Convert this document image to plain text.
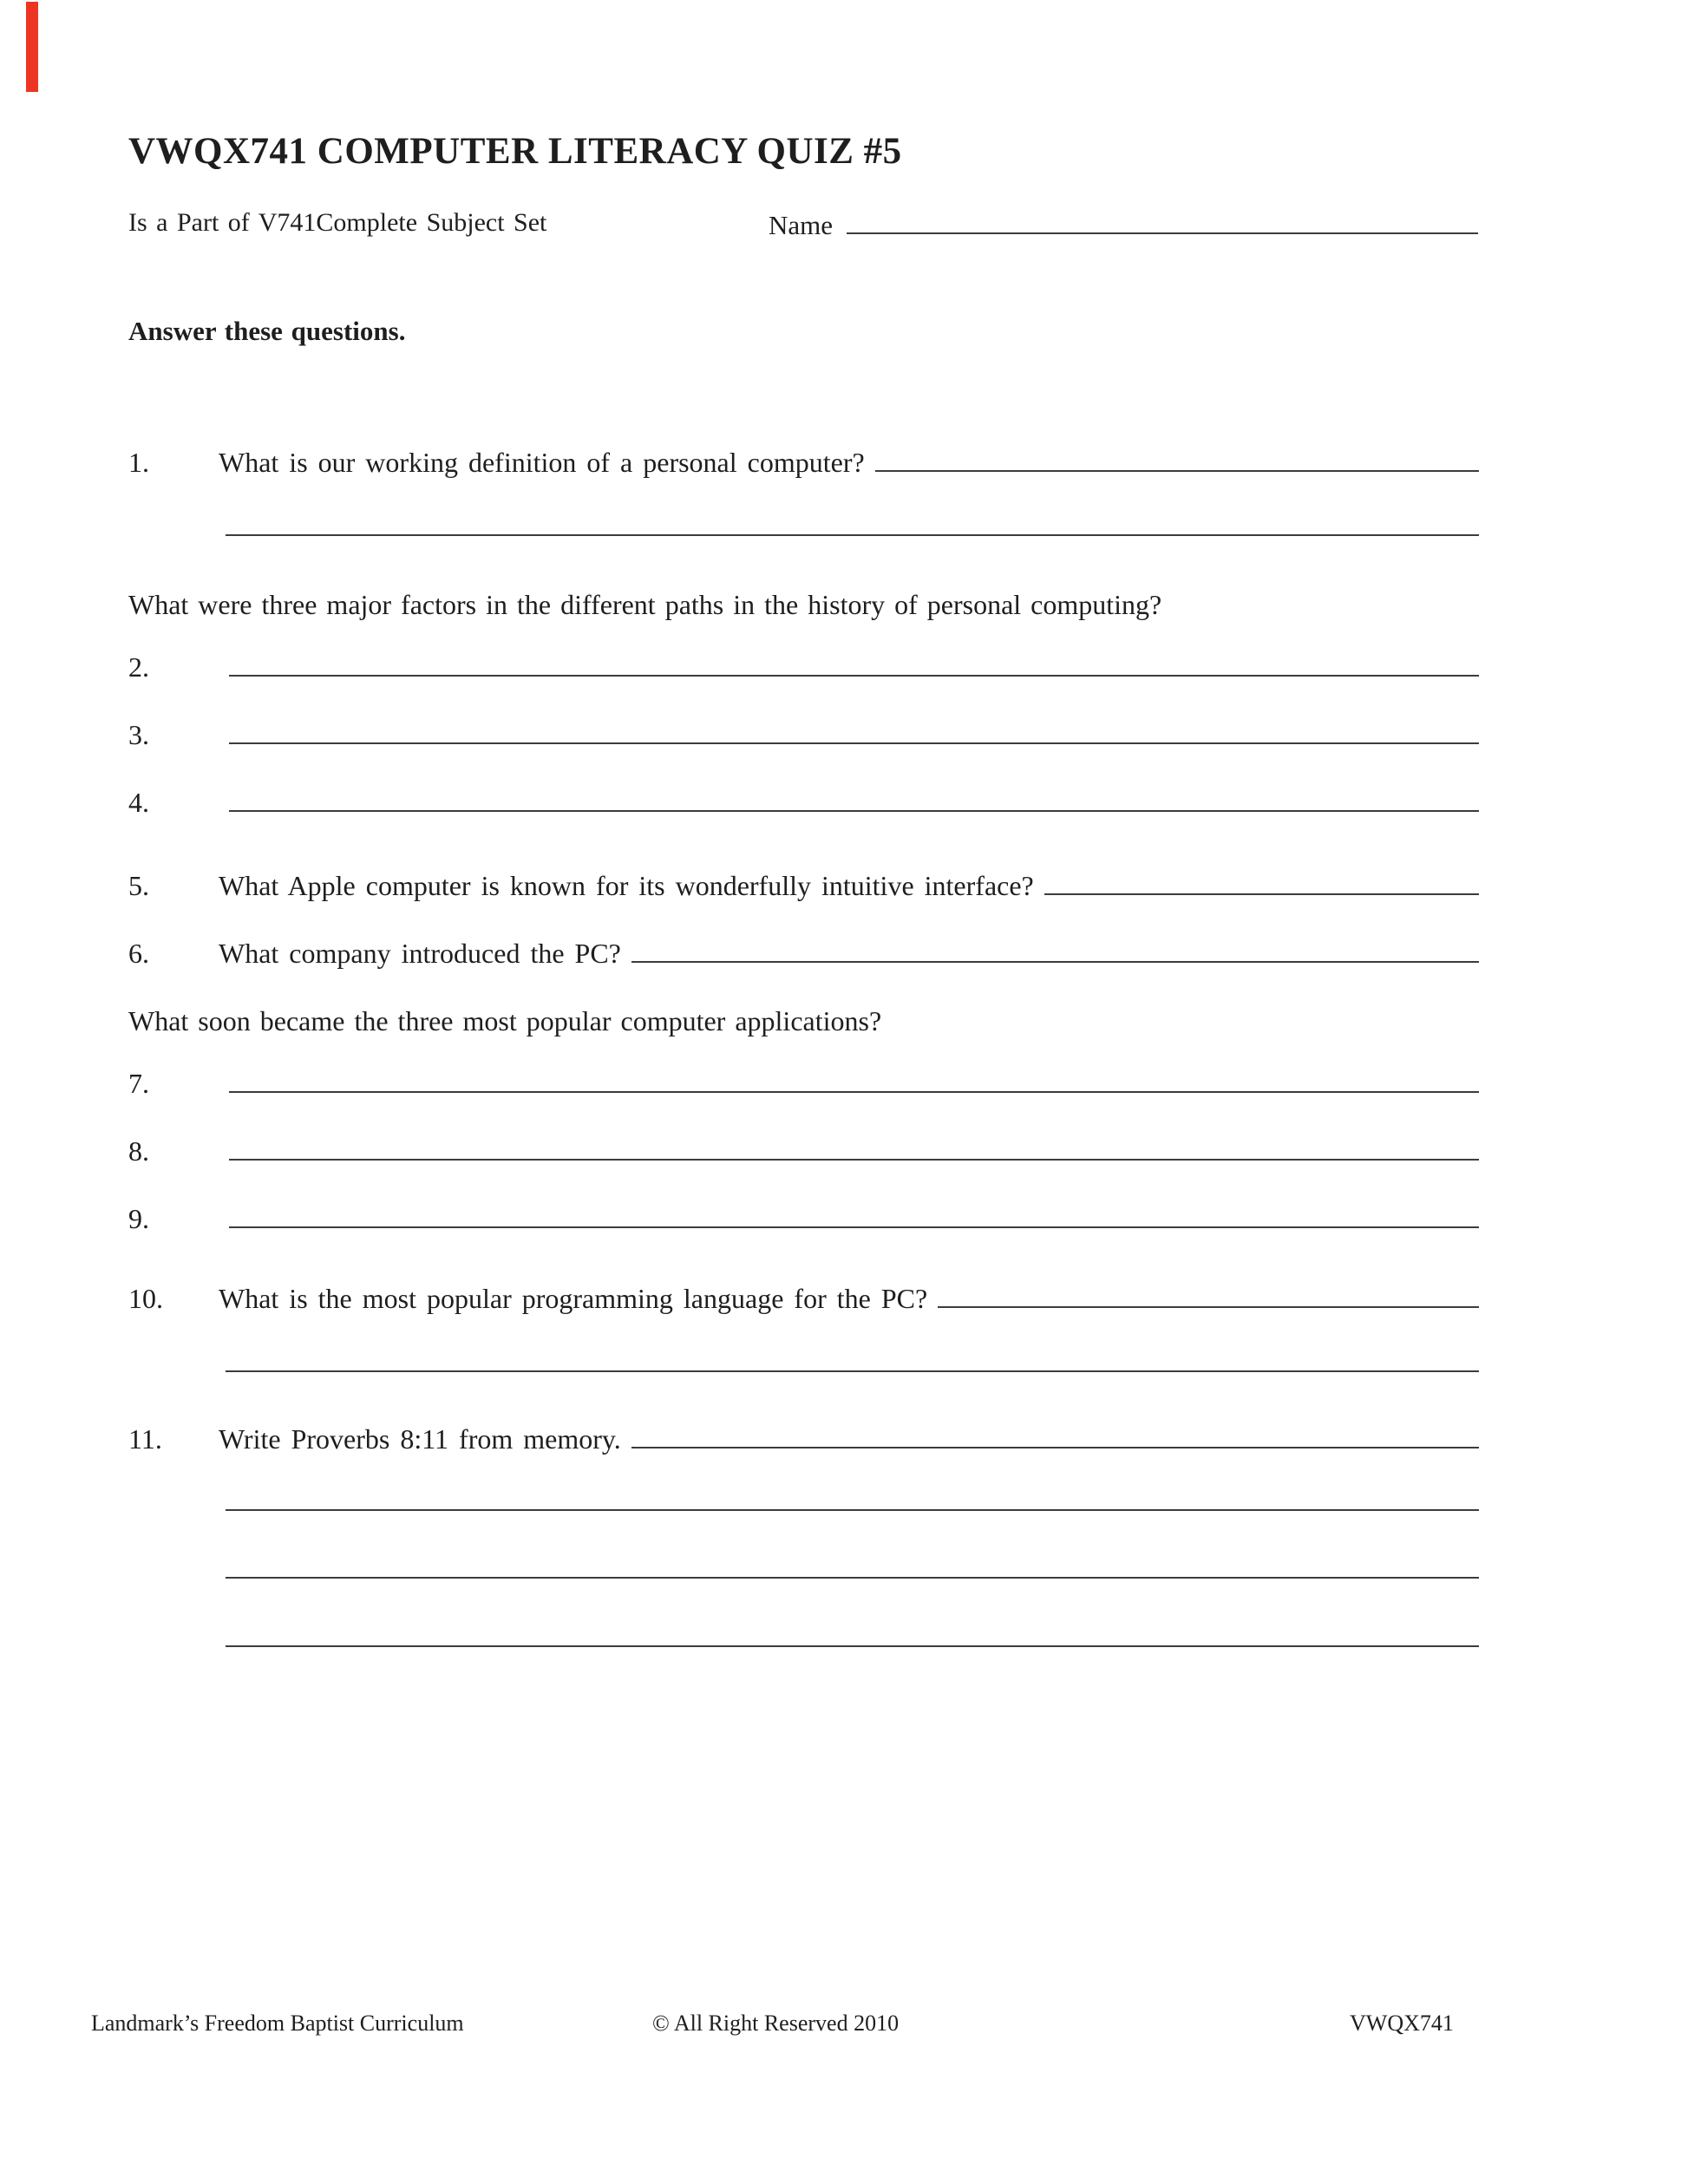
VWQX741 COMPUTER LITERACY QUIZ #5
Is a Part of V741Complete Subject Set	Name
Answer these questions.
1.	What is our working definition of a personal computer?
What were three major factors in the different paths in the history of personal computing?
2.
3.
4.
5.	What Apple computer is known for its wonderfully intuitive interface?
6.	What company introduced the PC?
What soon became the three most popular computer applications?
7.
8.
9.
10.	What is the most popular programming language for the PC?
11.	Write Proverbs 8:11 from memory.
Landmark’s Freedom Baptist Curriculum	© All Right Reserved 2010	VWQX741
